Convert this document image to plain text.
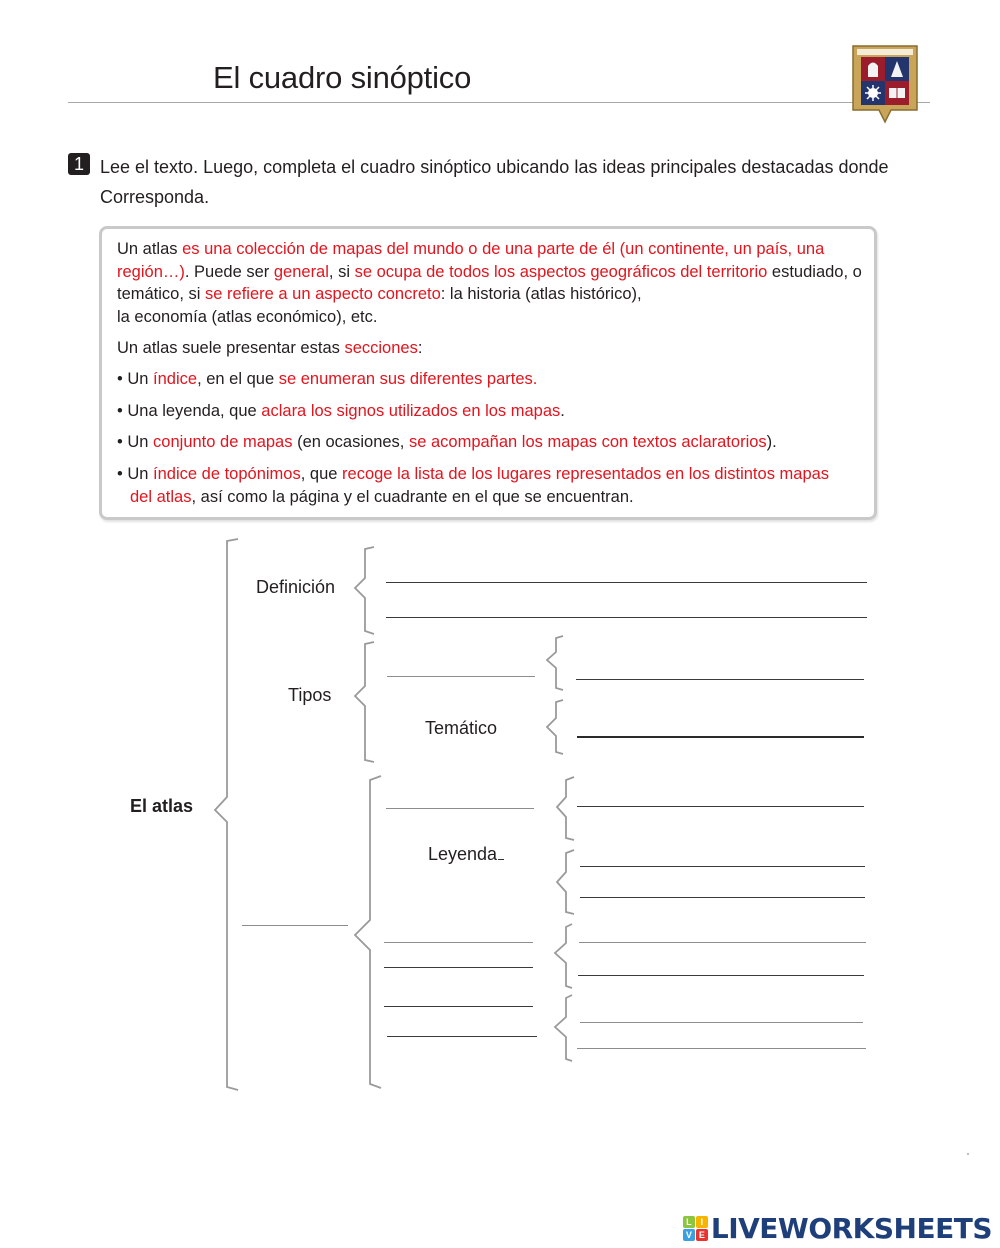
El cuadro sinóptico
1 Lee el texto. Luego, completa el cuadro sinóptico ubicando las ideas principales destacadas donde
Corresponda.
Un atlas es una colección de mapas del mundo o de una parte de él (un continente, un país, una región…). Puede ser general, si se ocupa de todos los aspectos geográficos del territorio estudiado, o temático, si se refiere a un aspecto concreto: la historia (atlas histórico),
la economía (atlas económico), etc.
Un atlas suele presentar estas secciones:
• Un índice, en el que se enumeran sus diferentes partes.
• Una leyenda, que aclara los signos utilizados en los mapas.
• Un conjunto de mapas (en ocasiones, se acompañan los mapas con textos aclaratorios).
• Un índice de topónimos, que recoge la lista de los lugares representados en los distintos mapas del atlas, así como la página y el cuadrante en el que se encuentran.
El atlas
Definición
Tipos
Temático
Leyenda
L I
V E LIVEWORKSHEETS
